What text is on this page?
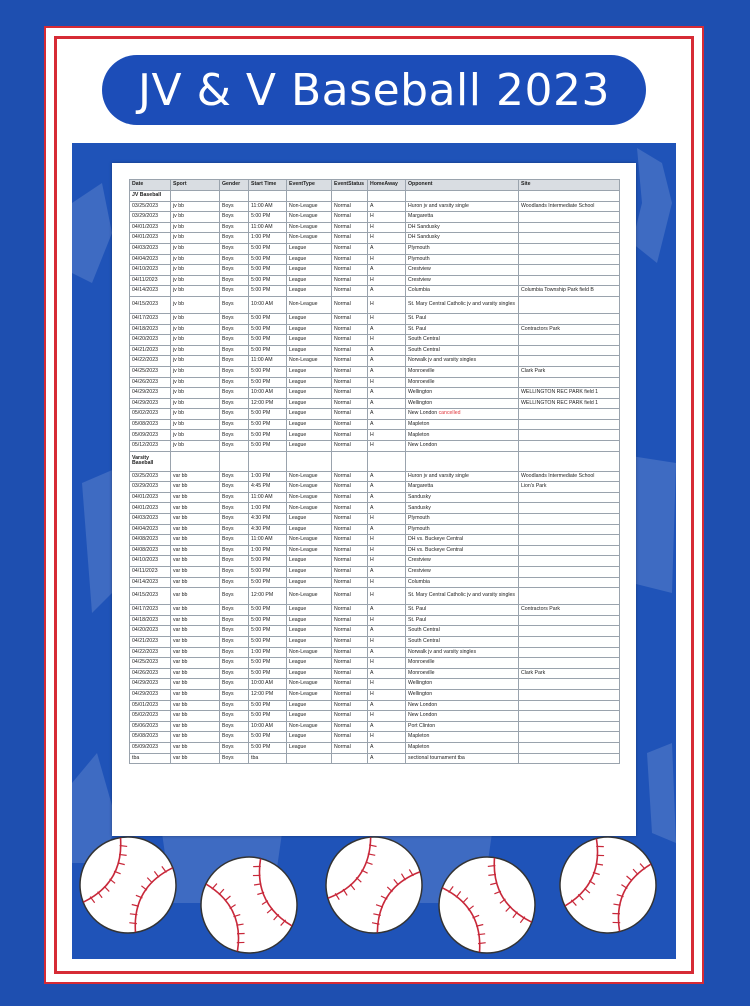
JV & V Baseball 2023
Date	Sport	Gender	Start Time	EventType	EventStatus	HomeAway	Opponent	Site
JV Baseball								
03/25/2023	jv bb	Boys	11:00 AM	Non-League	Normal	A	Huron jv and varsity single	Woodlands Intermediate School
03/29/2023	jv bb	Boys	5:00 PM	Non-League	Normal	H	Margaretta	
04/01/2023	jv bb	Boys	11:00 AM	Non-League	Normal	H	DH Sandusky	
04/01/2023	jv bb	Boys	1:00 PM	Non-League	Normal	H	DH Sandusky	
04/03/2023	jv bb	Boys	5:00 PM	League	Normal	A	Plymouth	
04/04/2023	jv bb	Boys	5:00 PM	League	Normal	H	Plymouth	
04/10/2023	jv bb	Boys	5:00 PM	League	Normal	A	Crestview	
04/11/2023	jv bb	Boys	5:00 PM	League	Normal	H	Crestview	
04/14/2023	jv bb	Boys	5:00 PM	League	Normal	A	Columbia	Columbia Township Park field B
04/15/2023	jv bb	Boys	10:00 AM	Non-League	Normal	H	St. Mary Central Catholic jv and varsity singles	
04/17/2023	jv bb	Boys	5:00 PM	League	Normal	H	St. Paul	
04/18/2023	jv bb	Boys	5:00 PM	League	Normal	A	St. Paul	Contractors Park
04/20/2023	jv bb	Boys	5:00 PM	League	Normal	H	South Central	
04/21/2023	jv bb	Boys	5:00 PM	League	Normal	A	South Central	
04/22/2023	jv bb	Boys	11:00 AM	Non-League	Normal	A	Norwalk jv and varsity singles	
04/25/2023	jv bb	Boys	5:00 PM	League	Normal	A	Monroeville	Clark Park
04/26/2023	jv bb	Boys	5:00 PM	League	Normal	H	Monroeville	
04/29/2023	jv bb	Boys	10:00 AM	League	Normal	A	Wellington	WELLINGTON REC PARK field 1
04/29/2023	jv bb	Boys	12:00 PM	League	Normal	A	Wellington	WELLINGTON REC PARK field 1
05/02/2023	jv bb	Boys	5:00 PM	League	Normal	A	New London cancelled	
05/08/2023	jv bb	Boys	5:00 PM	League	Normal	A	Mapleton	
05/09/2023	jv bb	Boys	5:00 PM	League	Normal	H	Mapleton	
05/12/2023	jv bb	Boys	5:00 PM	League	Normal	H	New London	
Varsity Baseball								
03/25/2023	var bb	Boys	1:00 PM	Non-League	Normal	A	Huron jv and varsity single	Woodlands Intermediate School
03/29/2023	var bb	Boys	4:45 PM	Non-League	Normal	A	Margaretta	Lion's Park
04/01/2023	var bb	Boys	11:00 AM	Non-League	Normal	A	Sandusky	
04/01/2023	var bb	Boys	1:00 PM	Non-League	Normal	A	Sandusky	
04/03/2023	var bb	Boys	4:30 PM	League	Normal	H	Plymouth	
04/04/2023	var bb	Boys	4:30 PM	League	Normal	A	Plymouth	
04/08/2023	var bb	Boys	11:00 AM	Non-League	Normal	H	DH vs. Buckeye Central	
04/08/2023	var bb	Boys	1:00 PM	Non-League	Normal	H	DH vs. Buckeye Central	
04/10/2023	var bb	Boys	5:00 PM	League	Normal	H	Crestview	
04/11/2023	var bb	Boys	5:00 PM	League	Normal	A	Crestview	
04/14/2023	var bb	Boys	5:00 PM	League	Normal	H	Columbia	
04/15/2023	var bb	Boys	12:00 PM	Non-League	Normal	H	St. Mary Central Catholic jv and varsity singles	
04/17/2023	var bb	Boys	5:00 PM	League	Normal	A	St. Paul	Contractors Park
04/18/2023	var bb	Boys	5:00 PM	League	Normal	H	St. Paul	
04/20/2023	var bb	Boys	5:00 PM	League	Normal	A	South Central	
04/21/2023	var bb	Boys	5:00 PM	League	Normal	H	South Central	
04/22/2023	var bb	Boys	1:00 PM	Non-League	Normal	A	Norwalk jv and varsity singles	
04/25/2023	var bb	Boys	5:00 PM	League	Normal	H	Monroeville	
04/26/2023	var bb	Boys	5:00 PM	League	Normal	A	Monroeville	Clark Park
04/29/2023	var bb	Boys	10:00 AM	Non-League	Normal	H	Wellington	
04/29/2023	var bb	Boys	12:00 PM	Non-League	Normal	H	Wellington	
05/01/2023	var bb	Boys	5:00 PM	League	Normal	A	New London	
05/02/2023	var bb	Boys	5:00 PM	League	Normal	H	New London	
05/06/2023	var bb	Boys	10:00 AM	Non-League	Normal	A	Port Clinton	
05/08/2023	var bb	Boys	5:00 PM	League	Normal	H	Mapleton	
05/09/2023	var bb	Boys	5:00 PM	League	Normal	A	Mapleton	
tba	var bb	Boys	tba			A	sectional tournament tba	
